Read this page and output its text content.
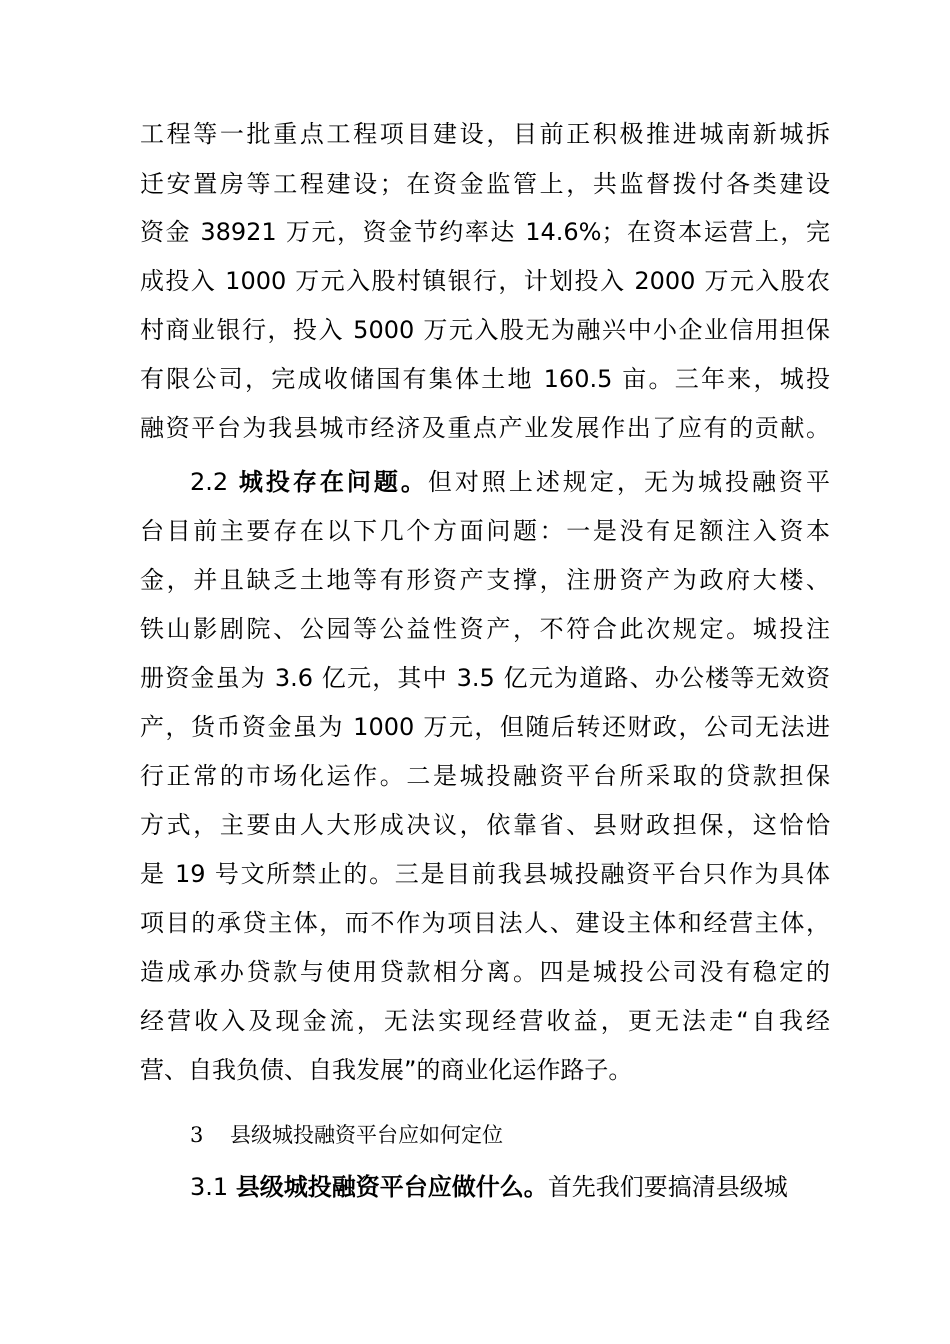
工程等一批重点工程项目建设，目前正积极推进城南新城拆
迁安置房等工程建设；在资金监管上，共监督拨付各类建设
资金 38921 万元，资金节约率达 14.6%；在资本运营上，完
成投入 1000 万元入股村镇银行，计划投入 2000 万元入股农
村商业银行，投入 5000 万元入股无为融兴中小企业信用担保
有限公司，完成收储国有集体土地 160.5 亩。三年来，城投
融资平台为我县城市经济及重点产业发展作出了应有的贡献。
2.2 城投存在问题。但对照上述规定，无为城投融资平
台目前主要存在以下几个方面问题：一是没有足额注入资本
金，并且缺乏土地等有形资产支撑，注册资产为政府大楼、
铁山影剧院、公园等公益性资产，不符合此次规定。城投注
册资金虽为 3.6 亿元，其中 3.5 亿元为道路、办公楼等无效资
产，货币资金虽为 1000 万元，但随后转还财政，公司无法进
行正常的市场化运作。二是城投融资平台所采取的贷款担保
方式，主要由人大形成决议，依靠省、县财政担保，这恰恰
是 19 号文所禁止的。三是目前我县城投融资平台只作为具体
项目的承贷主体，而不作为项目法人、建设主体和经营主体，
造成承办贷款与使用贷款相分离。四是城投公司没有稳定的
经营收入及现金流，无法实现经营收益，更无法走“自我经
营、自我负债、自我发展”的商业化运作路子。
3 县级城投融资平台应如何定位
3.1 县级城投融资平台应做什么。首先我们要搞清县级城
